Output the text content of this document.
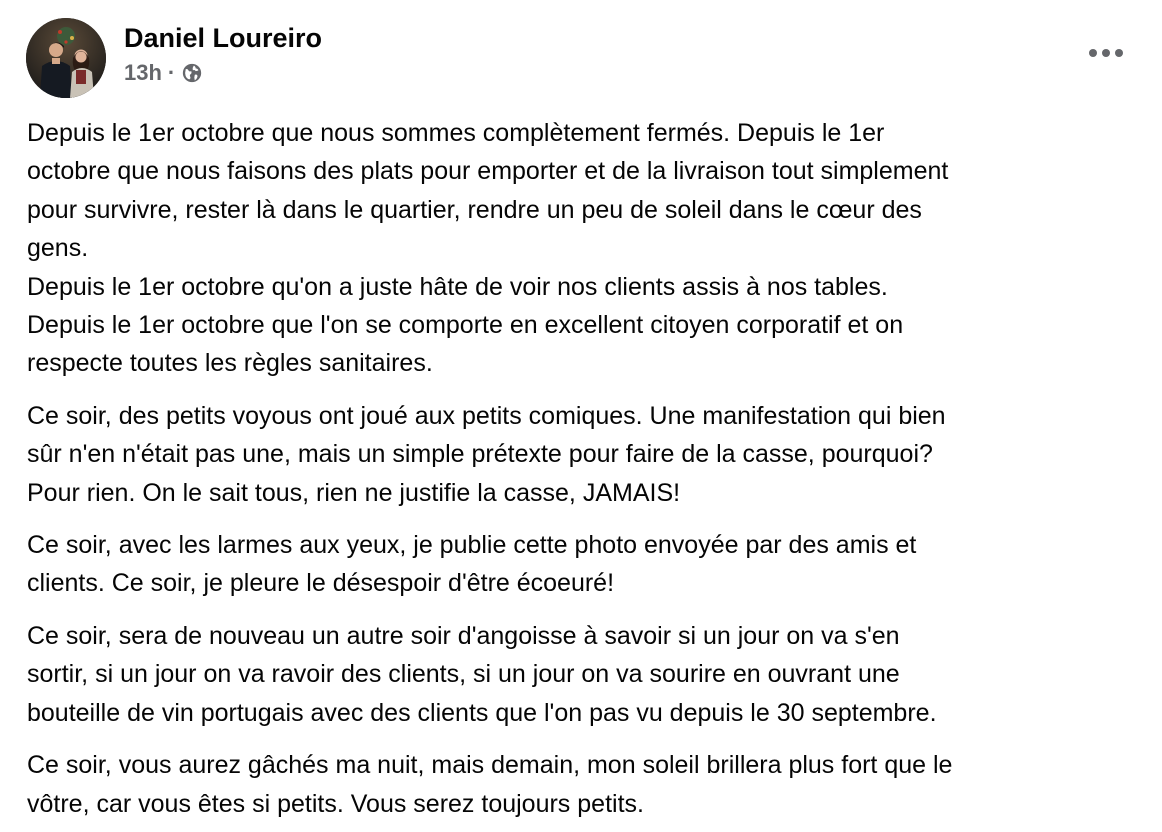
Daniel Loureiro
13h ·

Depuis le 1er octobre que nous sommes complètement fermés. Depuis le 1er
octobre que nous faisons des plats pour emporter et de la livraison tout simplement
pour survivre, rester là dans le quartier, rendre un peu de soleil dans le cœur des
gens.
Depuis le 1er octobre qu'on a juste hâte de voir nos clients assis à nos tables.
Depuis le 1er octobre que l'on se comporte en excellent citoyen corporatif et on
respecte toutes les règles sanitaires.

Ce soir, des petits voyous ont joué aux petits comiques. Une manifestation qui bien
sûr n'en n'était pas une, mais un simple prétexte pour faire de la casse, pourquoi?
Pour rien. On le sait tous, rien ne justifie la casse, JAMAIS!

Ce soir, avec les larmes aux yeux, je publie cette photo envoyée par des amis et
clients. Ce soir, je pleure le désespoir d'être écoeuré!

Ce soir, sera de nouveau un autre soir d'angoisse à savoir si un jour on va s'en
sortir, si un jour on va ravoir des clients, si un jour on va sourire en ouvrant une
bouteille de vin portugais avec des clients que l'on pas vu depuis le 30 septembre.

Ce soir, vous aurez gâchés ma nuit, mais demain, mon soleil brillera plus fort que le
vôtre, car vous êtes si petits. Vous serez toujours petits.
